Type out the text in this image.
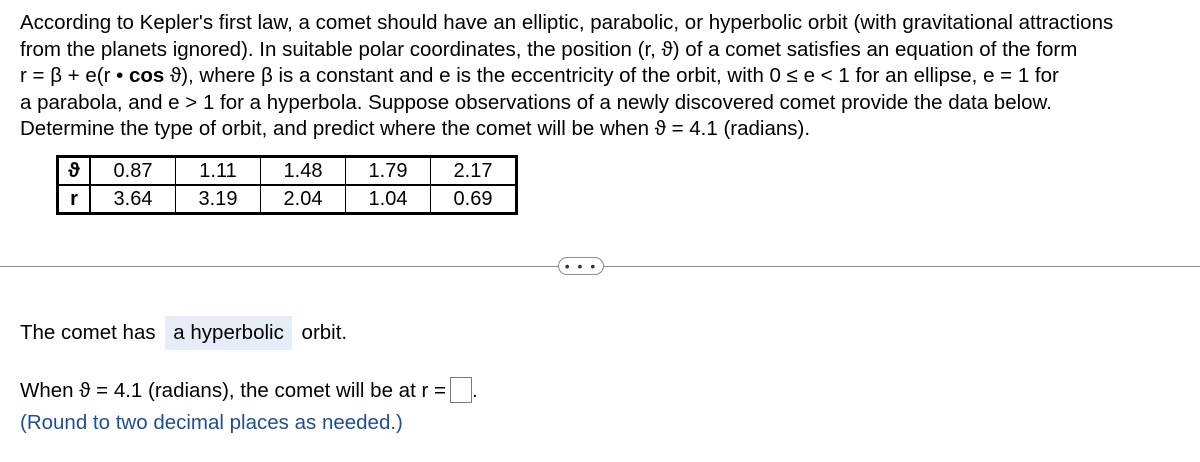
According to Kepler's first law, a comet should have an elliptic, parabolic, or hyperbolic orbit (with gravitational attractions
from the planets ignored). In suitable polar coordinates, the position (r, ϑ) of a comet satisfies an equation of the form
r = β + e(r • cos ϑ), where β is a constant and e is the eccentricity of the orbit, with 0 ≤ e < 1 for an ellipse, e = 1 for
a parabola, and e > 1 for a hyperbola. Suppose observations of a newly discovered comet provide the data below.
Determine the type of orbit, and predict where the comet will be when ϑ = 4.1 (radians).
ϑ	0.87	1.11	1.48	1.79	2.17
r	3.64	3.19	2.04	1.04	0.69
• • •
The comet has a hyperbolic orbit.
When ϑ = 4.1 (radians), the comet will be at r = .
(Round to two decimal places as needed.)
